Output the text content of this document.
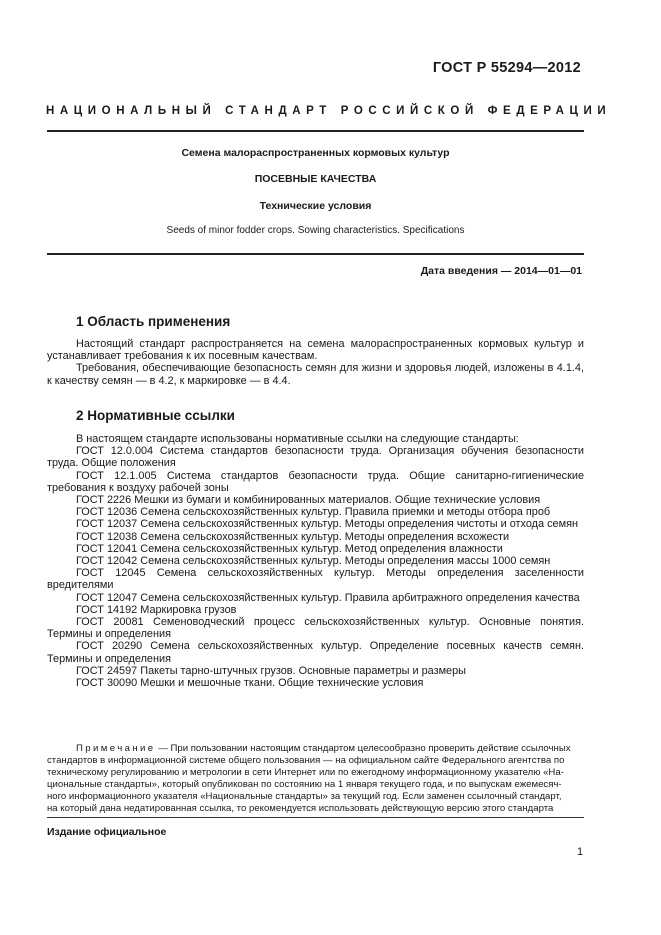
ГОСТ Р 55294—2012
НАЦИОНАЛЬНЫЙ СТАНДАРТ РОССИЙСКОЙ ФЕДЕРАЦИИ
Семена малораспространенных кормовых культур
ПОСЕВНЫЕ КАЧЕСТВА
Технические условия
Seeds of minor fodder crops. Sowing characteristics. Specifications
Дата введения — 2014—01—01
1 Область применения

Настоящий стандарт распространяется на семена малораспространенных кормовых культур и устанавливает требования к их посевным качествам.

Требования, обеспечивающие безопасность семян для жизни и здоровья людей, изложены в 4.1.4, к качеству семян — в 4.2, к маркировке — в 4.4.

2 Нормативные ссылки
В настоящем стандарте использованы нормативные ссылки на следующие стандарты:
ГОСТ 12.0.004 Система стандартов безопасности труда. Организация обучения безопасности труда. Общие положения
ГОСТ 12.1.005 Система стандартов безопасности труда. Общие санитарно-гигиенические требования к воздуху рабочей зоны
ГОСТ 2226 Мешки из бумаги и комбинированных материалов. Общие технические условия
ГОСТ 12036 Семена сельскохозяйственных культур. Правила приемки и методы отбора проб
ГОСТ 12037 Семена сельскохозяйственных культур. Методы определения чистоты и отхода семян
ГОСТ 12038 Семена сельскохозяйственных культур. Методы определения всхожести
ГОСТ 12041 Семена сельскохозяйственных культур. Метод определения влажности
ГОСТ 12042 Семена сельскохозяйственных культур. Методы определения массы 1000 семян
ГОСТ 12045 Семена сельскохозяйственных культур. Методы определения заселенности вредителями
ГОСТ 12047 Семена сельскохозяйственных культур. Правила арбитражного определения качества
ГОСТ 14192 Маркировка грузов
ГОСТ 20081 Семеноводческий процесс сельскохозяйственных культур. Основные понятия. Термины и определения
ГОСТ 20290 Семена сельскохозяйственных культур. Определение посевных качеств семян. Термины и определения
ГОСТ 24597 Пакеты тарно-штучных грузов. Основные параметры и размеры
ГОСТ 30090 Мешки и мешочные ткани. Общие технические условия
Примечание — При пользовании настоящим стандартом целесообразно проверить действие ссылочных
стандартов в информационной системе общего пользования — на официальном сайте Федерального агентства по
техническому регулированию и метрологии в сети Интернет или по ежегодному информационному указателю «На-
циональные стандарты», который опубликован по состоянию на 1 января текущего года, и по выпускам ежемесяч-
ного информационного указателя «Национальные стандарты» за текущий год. Если заменен ссылочный стандарт,
на который дана недатированная ссылка, то рекомендуется использовать действующую версию этого стандарта
Издание официальное
1
